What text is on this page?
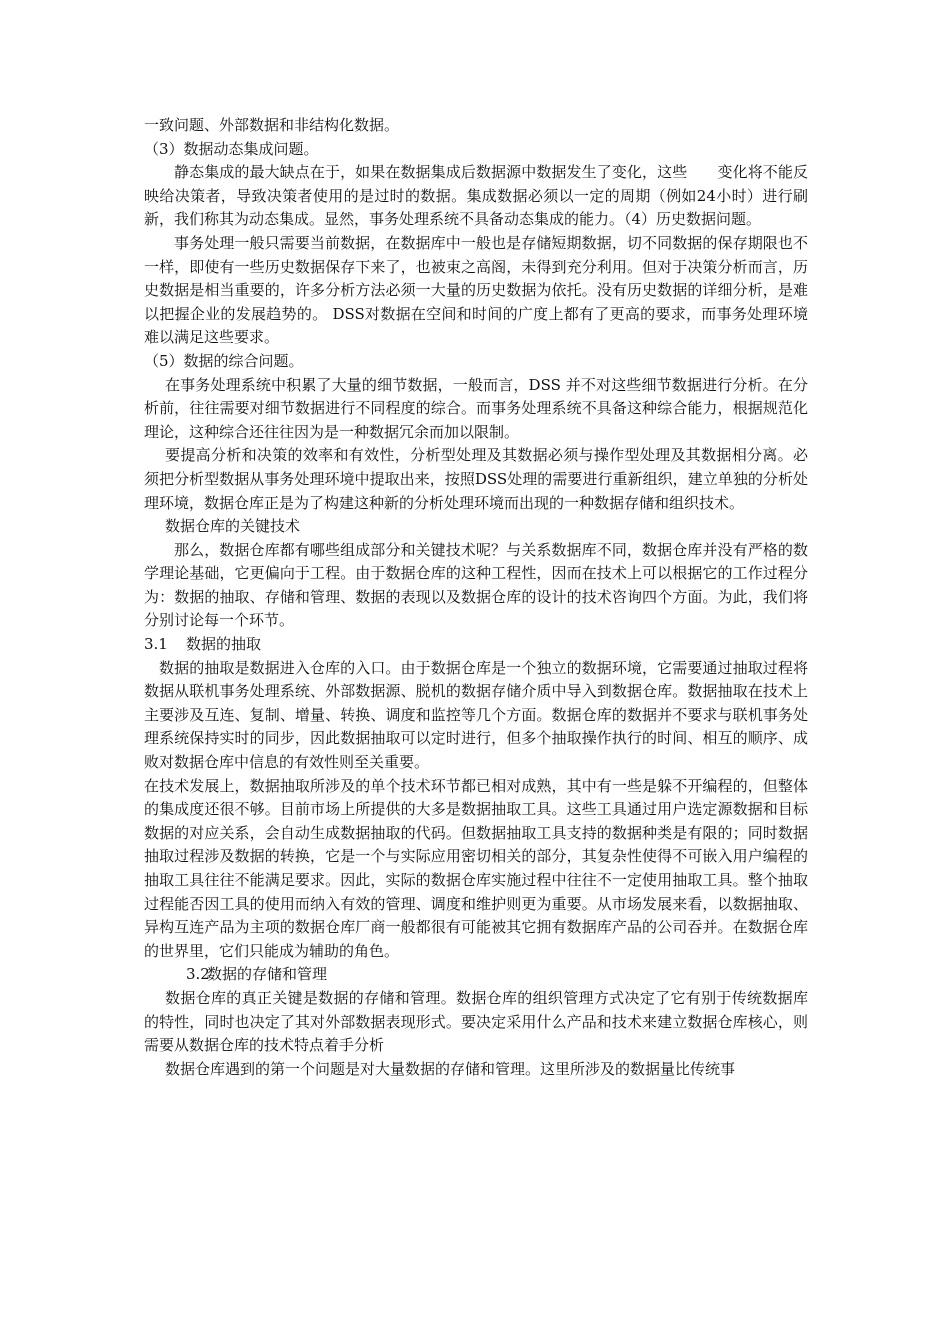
一致问题、外部数据和非结构化数据。

（3）数据动态集成问题。

静态集成的最大缺点在于，如果在数据集成后数据源中数据发生了变化，这些　　变化将不能反映给决策者，导致决策者使用的是过时的数据。集成数据必须以一定的周期（例如24小时）进行刷新，我们称其为动态集成。显然，事务处理系统不具备动态集成的能力。（4）历史数据问题。

事务处理一般只需要当前数据，在数据库中一般也是存储短期数据，切不同数据的保存期限也不一样，即使有一些历史数据保存下来了，也被束之高阁，未得到充分利用。但对于决策分析而言，历史数据是相当重要的，许多分析方法必须一大量的历史数据为依托。没有历史数据的详细分析，是难以把握企业的发展趋势的。 DSS对数据在空间和时间的广度上都有了更高的要求，而事务处理环境难以满足这些要求。

（5）数据的综合问题。

在事务处理系统中积累了大量的细节数据，一般而言，DSS 并不对这些细节数据进行分析。在分析前，往往需要对细节数据进行不同程度的综合。而事务处理系统不具备这种综合能力，根据规范化理论，这种综合还往往因为是一种数据冗余而加以限制。

要提高分析和决策的效率和有效性，分析型处理及其数据必须与操作型处理及其数据相分离。必须把分析型数据从事务处理环境中提取出来，按照DSS处理的需要进行重新组织，建立单独的分析处理环境，数据仓库正是为了构建这种新的分析处理环境而出现的一种数据存储和组织技术。

数据仓库的关键技术

那么，数据仓库都有哪些组成部分和关键技术呢？与关系数据库不同，数据仓库并没有严格的数学理论基础，它更偏向于工程。由于数据仓库的这种工程性，因而在技术上可以根据它的工作过程分为：数据的抽取、存储和管理、数据的表现以及数据仓库的设计的技术咨询四个方面。为此，我们将分别讨论每一个环节。

3.1 数据的抽取

数据的抽取是数据进入仓库的入口。由于数据仓库是一个独立的数据环境，它需要通过抽取过程将数据从联机事务处理系统、外部数据源、脱机的数据存储介质中导入到数据仓库。数据抽取在技术上主要涉及互连、复制、增量、转换、调度和监控等几个方面。数据仓库的数据并不要求与联机事务处理系统保持实时的同步，因此数据抽取可以定时进行，但多个抽取操作执行的时间、相互的顺序、成败对数据仓库中信息的有效性则至关重要。

在技术发展上，数据抽取所涉及的单个技术环节都已相对成熟，其中有一些是躲不开编程的，但整体的集成度还很不够。目前市场上所提供的大多是数据抽取工具。这些工具通过用户选定源数据和目标数据的对应关系，会自动生成数据抽取的代码。但数据抽取工具支持的数据种类是有限的；同时数据抽取过程涉及数据的转换，它是一个与实际应用密切相关的部分，其复杂性使得不可嵌入用户编程的抽取工具往往不能满足要求。因此，实际的数据仓库实施过程中往往不一定使用抽取工具。整个抽取过程能否因工具的使用而纳入有效的管理、调度和维护则更为重要。从市场发展来看，以数据抽取、异构互连产品为主项的数据仓库厂商一般都很有可能被其它拥有数据库产品的公司吞并。在数据仓库的世界里，它们只能成为辅助的角色。

3.2数据的存储和管理

数据仓库的真正关键是数据的存储和管理。数据仓库的组织管理方式决定了它有别于传统数据库的特性，同时也决定了其对外部数据表现形式。要决定采用什么产品和技术来建立数据仓库核心，则需要从数据仓库的技术特点着手分析

数据仓库遇到的第一个问题是对大量数据的存储和管理。这里所涉及的数据量比传统事
